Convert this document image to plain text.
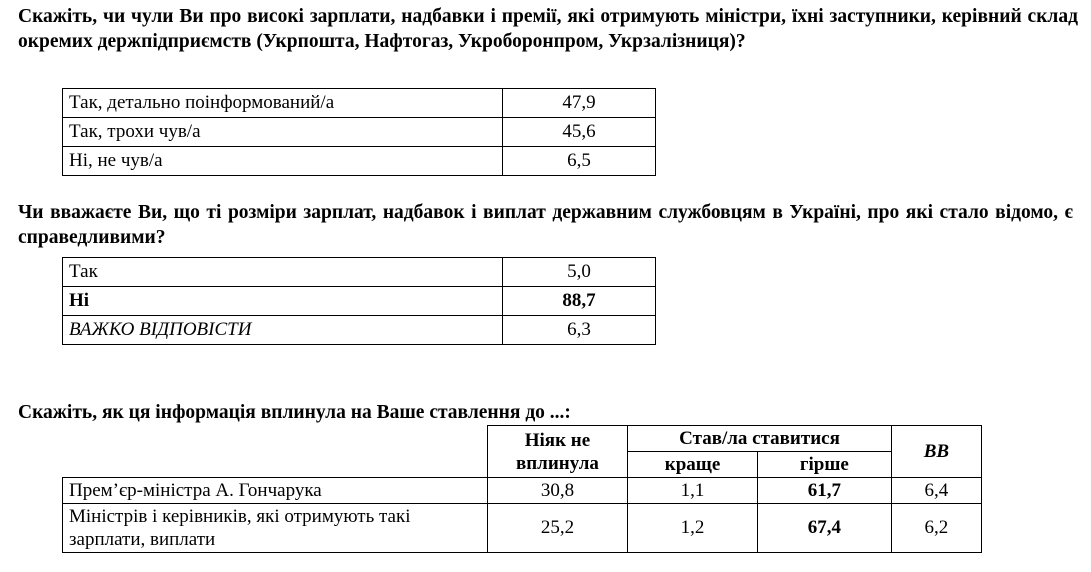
Скажіть, чи чули Ви про високі зарплати, надбавки і премії, які отримують міністри, їхні заступники, керівний склад окремих держпідприємств (Укрпошта, Нафтогаз, Укроборонпром, Укрзалізниця)?
Так, детально поінформований/а	47,9
Так, трохи чув/а	45,6
Ні, не чув/а	6,5
Чи вважаєте Ви, що ті розміри зарплат, надбавок і виплат державним службовцям в Україні, про які стало відомо, є справедливими?
Так	5,0
Ні	88,7
ВАЖКО ВІДПОВІСТИ	6,3
Скажіть, як ця інформація вплинула на Ваше ставлення до ...:
	Ніяк не вплинула	Став/ла ставитися		ВВ
		краще	гірше	
Прем’єр-міністра А. Гончарука	30,8	1,1	61,7	6,4
Міністрів і керівників, які отримують такі зарплати, виплати	25,2	1,2	67,4	6,2
